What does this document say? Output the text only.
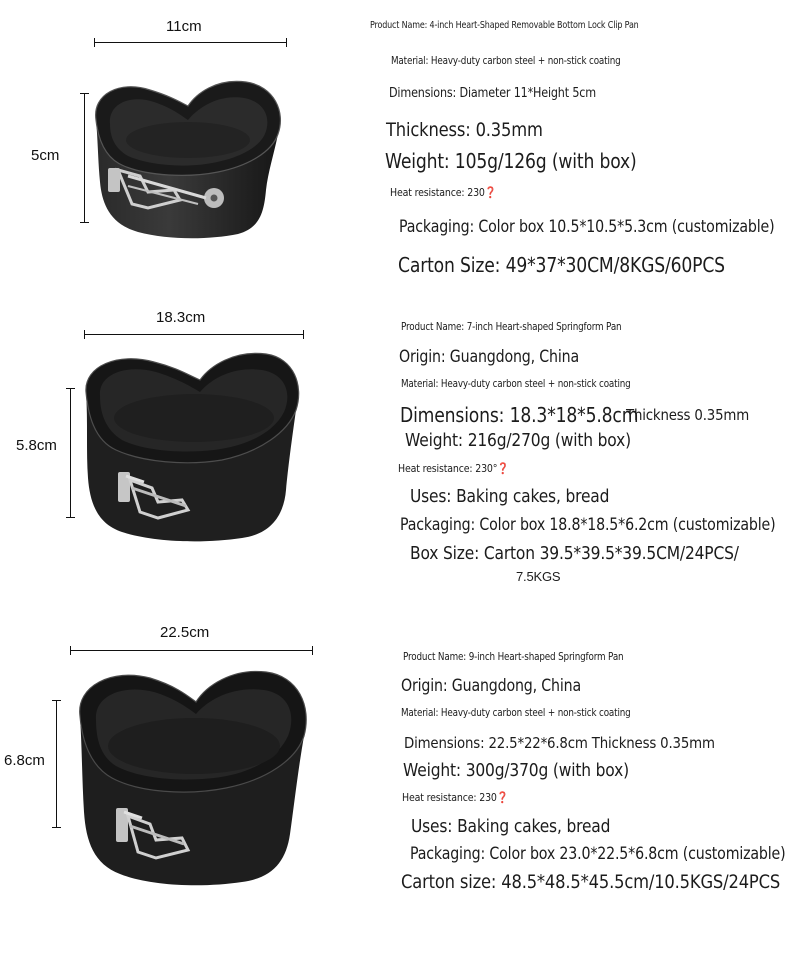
11cm
5cm
Product Name: 4-inch Heart-Shaped Removable Bottom Lock Clip Pan
Material: Heavy-duty carbon steel + non-stick coating
Dimensions: Diameter 11*Height 5cm
Thickness: 0.35mm
Weight: 105g/126g (with box)
Heat resistance: 230❓
Packaging: Color box 10.5*10.5*5.3cm (customizable)
Carton Size: 49*37*30CM/8KGS/60PCS
18.3cm
5.8cm
Product Name: 7-inch Heart-shaped Springform Pan
Origin: Guangdong, China
Material: Heavy-duty carbon steel + non-stick coating
Dimensions: 18.3*18*5.8cm
Thickness 0.35mm
Weight: 216g/270g (with box)
Heat resistance: 230°❓
Uses: Baking cakes, bread
Packaging: Color box 18.8*18.5*6.2cm (customizable)
Box Size: Carton 39.5*39.5*39.5CM/24PCS/
7.5KGS
22.5cm
6.8cm
Product Name: 9-inch Heart-shaped Springform Pan
Origin: Guangdong, China
Material: Heavy-duty carbon steel + non-stick coating
Dimensions: 22.5*22*6.8cm Thickness 0.35mm
Weight: 300g/370g (with box)
Heat resistance: 230❓
Uses: Baking cakes, bread
Packaging: Color box 23.0*22.5*6.8cm (customizable)
Carton size: 48.5*48.5*45.5cm/10.5KGS/24PCS
